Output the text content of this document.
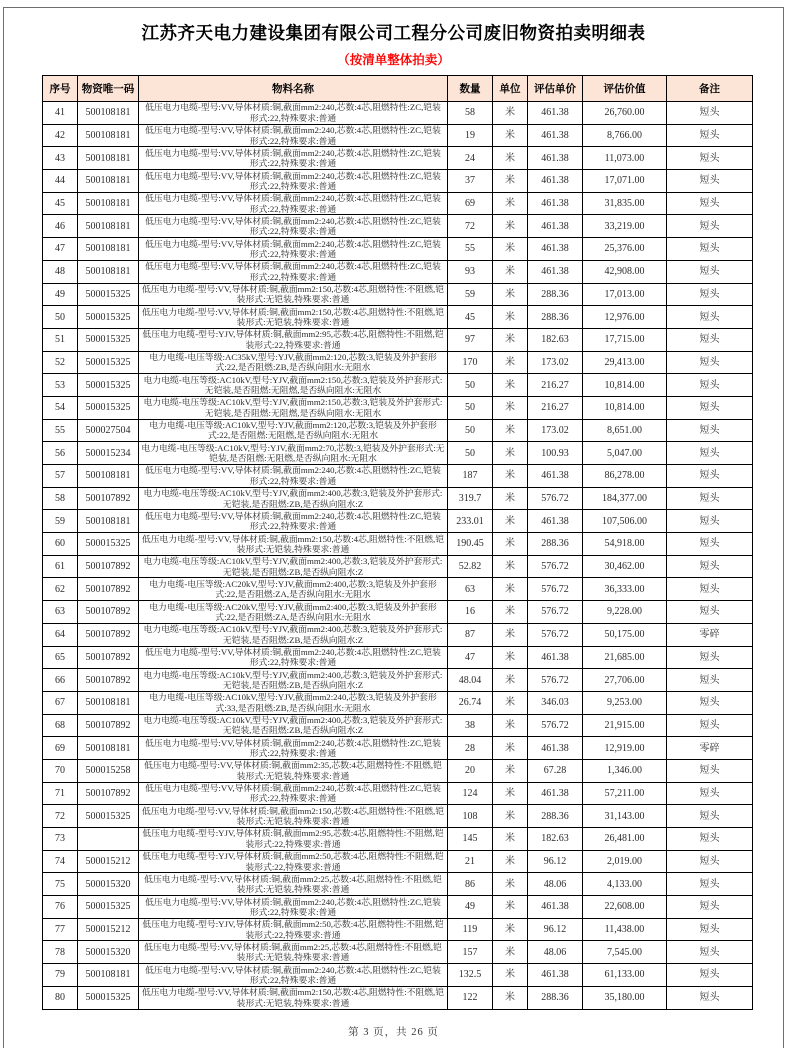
江苏齐天电力建设集团有限公司工程分公司废旧物资拍卖明细表
（按清单整体拍卖）
序号	物资唯一码	物料名称	数量	单位	评估单价	评估价值	备注
41	500108181	低压电力电缆-型号:VV,导体材质:铜,截面mm2:240,芯数:4芯,阻燃特性:ZC,铠装形式:22,特殊要求:普通	58	米	461.38	26,760.00	短头
42	500108181	低压电力电缆-型号:VV,导体材质:铜,截面mm2:240,芯数:4芯,阻燃特性:ZC,铠装形式:22,特殊要求:普通	19	米	461.38	8,766.00	短头
43	500108181	低压电力电缆-型号:VV,导体材质:铜,截面mm2:240,芯数:4芯,阻燃特性:ZC,铠装形式:22,特殊要求:普通	24	米	461.38	11,073.00	短头
44	500108181	低压电力电缆-型号:VV,导体材质:铜,截面mm2:240,芯数:4芯,阻燃特性:ZC,铠装形式:22,特殊要求:普通	37	米	461.38	17,071.00	短头
45	500108181	低压电力电缆-型号:VV,导体材质:铜,截面mm2:240,芯数:4芯,阻燃特性:ZC,铠装形式:22,特殊要求:普通	69	米	461.38	31,835.00	短头
46	500108181	低压电力电缆-型号:VV,导体材质:铜,截面mm2:240,芯数:4芯,阻燃特性:ZC,铠装形式:22,特殊要求:普通	72	米	461.38	33,219.00	短头
47	500108181	低压电力电缆-型号:VV,导体材质:铜,截面mm2:240,芯数:4芯,阻燃特性:ZC,铠装形式:22,特殊要求:普通	55	米	461.38	25,376.00	短头
48	500108181	低压电力电缆-型号:VV,导体材质:铜,截面mm2:240,芯数:4芯,阻燃特性:ZC,铠装形式:22,特殊要求:普通	93	米	461.38	42,908.00	短头
49	500015325	低压电力电缆-型号:VV,导体材质:铜,截面mm2:150,芯数:4芯,阻燃特性:不阻燃,铠装形式:无铠装,特殊要求:普通	59	米	288.36	17,013.00	短头
50	500015325	低压电力电缆-型号:VV,导体材质:铜,截面mm2:150,芯数:4芯,阻燃特性:不阻燃,铠装形式:无铠装,特殊要求:普通	45	米	288.36	12,976.00	短头
51	500015325	低压电力电缆-型号:YJV,导体材质:铜,截面mm2:95,芯数:4芯,阻燃特性:不阻燃,铠装形式:22,特殊要求:普通	97	米	182.63	17,715.00	短头
52	500015325	电力电缆-电压等级:AC35kV,型号:YJV,截面mm2:120,芯数:3,铠装及外护套形式:22,是否阻燃:ZB,是否纵向阻水:无阻水	170	米	173.02	29,413.00	短头
53	500015325	电力电缆-电压等级:AC10kV,型号:YJV,截面mm2:150,芯数:3,铠装及外护套形式:无铠装,是否阻燃:无阻燃,是否纵向阻水:无阻水	50	米	216.27	10,814.00	短头
54	500015325	电力电缆-电压等级:AC10kV,型号:YJV,截面mm2:150,芯数:3,铠装及外护套形式:无铠装,是否阻燃:无阻燃,是否纵向阻水:无阻水	50	米	216.27	10,814.00	短头
55	500027504	电力电缆-电压等级:AC10kV,型号:YJV,截面mm2:120,芯数:3,铠装及外护套形式:22,是否阻燃:无阻燃,是否纵向阻水:无阻水	50	米	173.02	8,651.00	短头
56	500015234	电力电缆-电压等级:AC10kV,型号:YJV,截面mm2:70,芯数:3,铠装及外护套形式:无铠装,是否阻燃:无阻燃,是否纵向阻水:无阻水	50	米	100.93	5,047.00	短头
57	500108181	低压电力电缆-型号:VV,导体材质:铜,截面mm2:240,芯数:4芯,阻燃特性:ZC,铠装形式:22,特殊要求:普通	187	米	461.38	86,278.00	短头
58	500107892	电力电缆-电压等级:AC10kV,型号:YJV,截面mm2:400,芯数:3,铠装及外护套形式:无铠装,是否阻燃:ZB,是否纵向阻水:Z	319.7	米	576.72	184,377.00	短头
59	500108181	低压电力电缆-型号:VV,导体材质:铜,截面mm2:240,芯数:4芯,阻燃特性:ZC,铠装形式:22,特殊要求:普通	233.01	米	461.38	107,506.00	短头
60	500015325	低压电力电缆-型号:VV,导体材质:铜,截面mm2:150,芯数:4芯,阻燃特性:不阻燃,铠装形式:无铠装,特殊要求:普通	190.45	米	288.36	54,918.00	短头
61	500107892	电力电缆-电压等级:AC10kV,型号:YJV,截面mm2:400,芯数:3,铠装及外护套形式:无铠装,是否阻燃:ZB,是否纵向阻水:Z	52.82	米	576.72	30,462.00	短头
62	500107892	电力电缆-电压等级:AC20kV,型号:YJV,截面mm2:400,芯数:3,铠装及外护套形式:22,是否阻燃:ZA,是否纵向阻水:无阻水	63	米	576.72	36,333.00	短头
63	500107892	电力电缆-电压等级:AC20kV,型号:YJV,截面mm2:400,芯数:3,铠装及外护套形式:22,是否阻燃:ZA,是否纵向阻水:无阻水	16	米	576.72	9,228.00	短头
64	500107892	电力电缆-电压等级:AC10kV,型号:YJV,截面mm2:400,芯数:3,铠装及外护套形式:无铠装,是否阻燃:ZB,是否纵向阻水:Z	87	米	576.72	50,175.00	零碎
65	500107892	低压电力电缆-型号:VV,导体材质:铜,截面mm2:240,芯数:4芯,阻燃特性:ZC,铠装形式:22,特殊要求:普通	47	米	461.38	21,685.00	短头
66	500107892	电力电缆-电压等级:AC10kV,型号:YJV,截面mm2:400,芯数:3,铠装及外护套形式:无铠装,是否阻燃:ZB,是否纵向阻水:Z	48.04	米	576.72	27,706.00	短头
67	500108181	电力电缆-电压等级:AC10kV,型号:YJV,截面mm2:240,芯数:3,铠装及外护套形式:33,是否阻燃:ZB,是否纵向阻水:无阻水	26.74	米	346.03	9,253.00	短头
68	500107892	电力电缆-电压等级:AC10kV,型号:YJV,截面mm2:400,芯数:3,铠装及外护套形式:无铠装,是否阻燃:ZB,是否纵向阻水:Z	38	米	576.72	21,915.00	短头
69	500108181	低压电力电缆-型号:VV,导体材质:铜,截面mm2:240,芯数:4芯,阻燃特性:ZC,铠装形式:22,特殊要求:普通	28	米	461.38	12,919.00	零碎
70	500015258	低压电力电缆-型号:VV,导体材质:铜,截面mm2:35,芯数:4芯,阻燃特性:不阻燃,铠装形式:无铠装,特殊要求:普通	20	米	67.28	1,346.00	短头
71	500107892	低压电力电缆-型号:VV,导体材质:铜,截面mm2:240,芯数:4芯,阻燃特性:ZC,铠装形式:22,特殊要求:普通	124	米	461.38	57,211.00	短头
72	500015325	低压电力电缆-型号:VV,导体材质:铜,截面mm2:150,芯数:4芯,阻燃特性:不阻燃,铠装形式:无铠装,特殊要求:普通	108	米	288.36	31,143.00	短头
73		低压电力电缆-型号:YJV,导体材质:铜,截面mm2:95,芯数:4芯,阻燃特性:不阻燃,铠装形式:22,特殊要求:普通	145	米	182.63	26,481.00	短头
74	500015212	低压电力电缆-型号:YJV,导体材质:铜,截面mm2:50,芯数:4芯,阻燃特性:不阻燃,铠装形式:22,特殊要求:普通	21	米	96.12	2,019.00	短头
75	500015320	低压电力电缆-型号:VV,导体材质:铜,截面mm2:25,芯数:4芯,阻燃特性:不阻燃,铠装形式:无铠装,特殊要求:普通	86	米	48.06	4,133.00	短头
76	500015325	低压电力电缆-型号:VV,导体材质:铜,截面mm2:240,芯数:4芯,阻燃特性:ZC,铠装形式:22,特殊要求:普通	49	米	461.38	22,608.00	短头
77	500015212	低压电力电缆-型号:YJV,导体材质:铜,截面mm2:50,芯数:4芯,阻燃特性:不阻燃,铠装形式:22,特殊要求:普通	119	米	96.12	11,438.00	短头
78	500015320	低压电力电缆-型号:VV,导体材质:铜,截面mm2:25,芯数:4芯,阻燃特性:不阻燃,铠装形式:无铠装,特殊要求:普通	157	米	48.06	7,545.00	短头
79	500108181	低压电力电缆-型号:VV,导体材质:铜,截面mm2:240,芯数:4芯,阻燃特性:ZC,铠装形式:22,特殊要求:普通	132.5	米	461.38	61,133.00	短头
80	500015325	低压电力电缆-型号:VV,导体材质:铜,截面mm2:150,芯数:4芯,阻燃特性:不阻燃,铠装形式:无铠装,特殊要求:普通	122	米	288.36	35,180.00	短头
第 3 页，共 26 页
